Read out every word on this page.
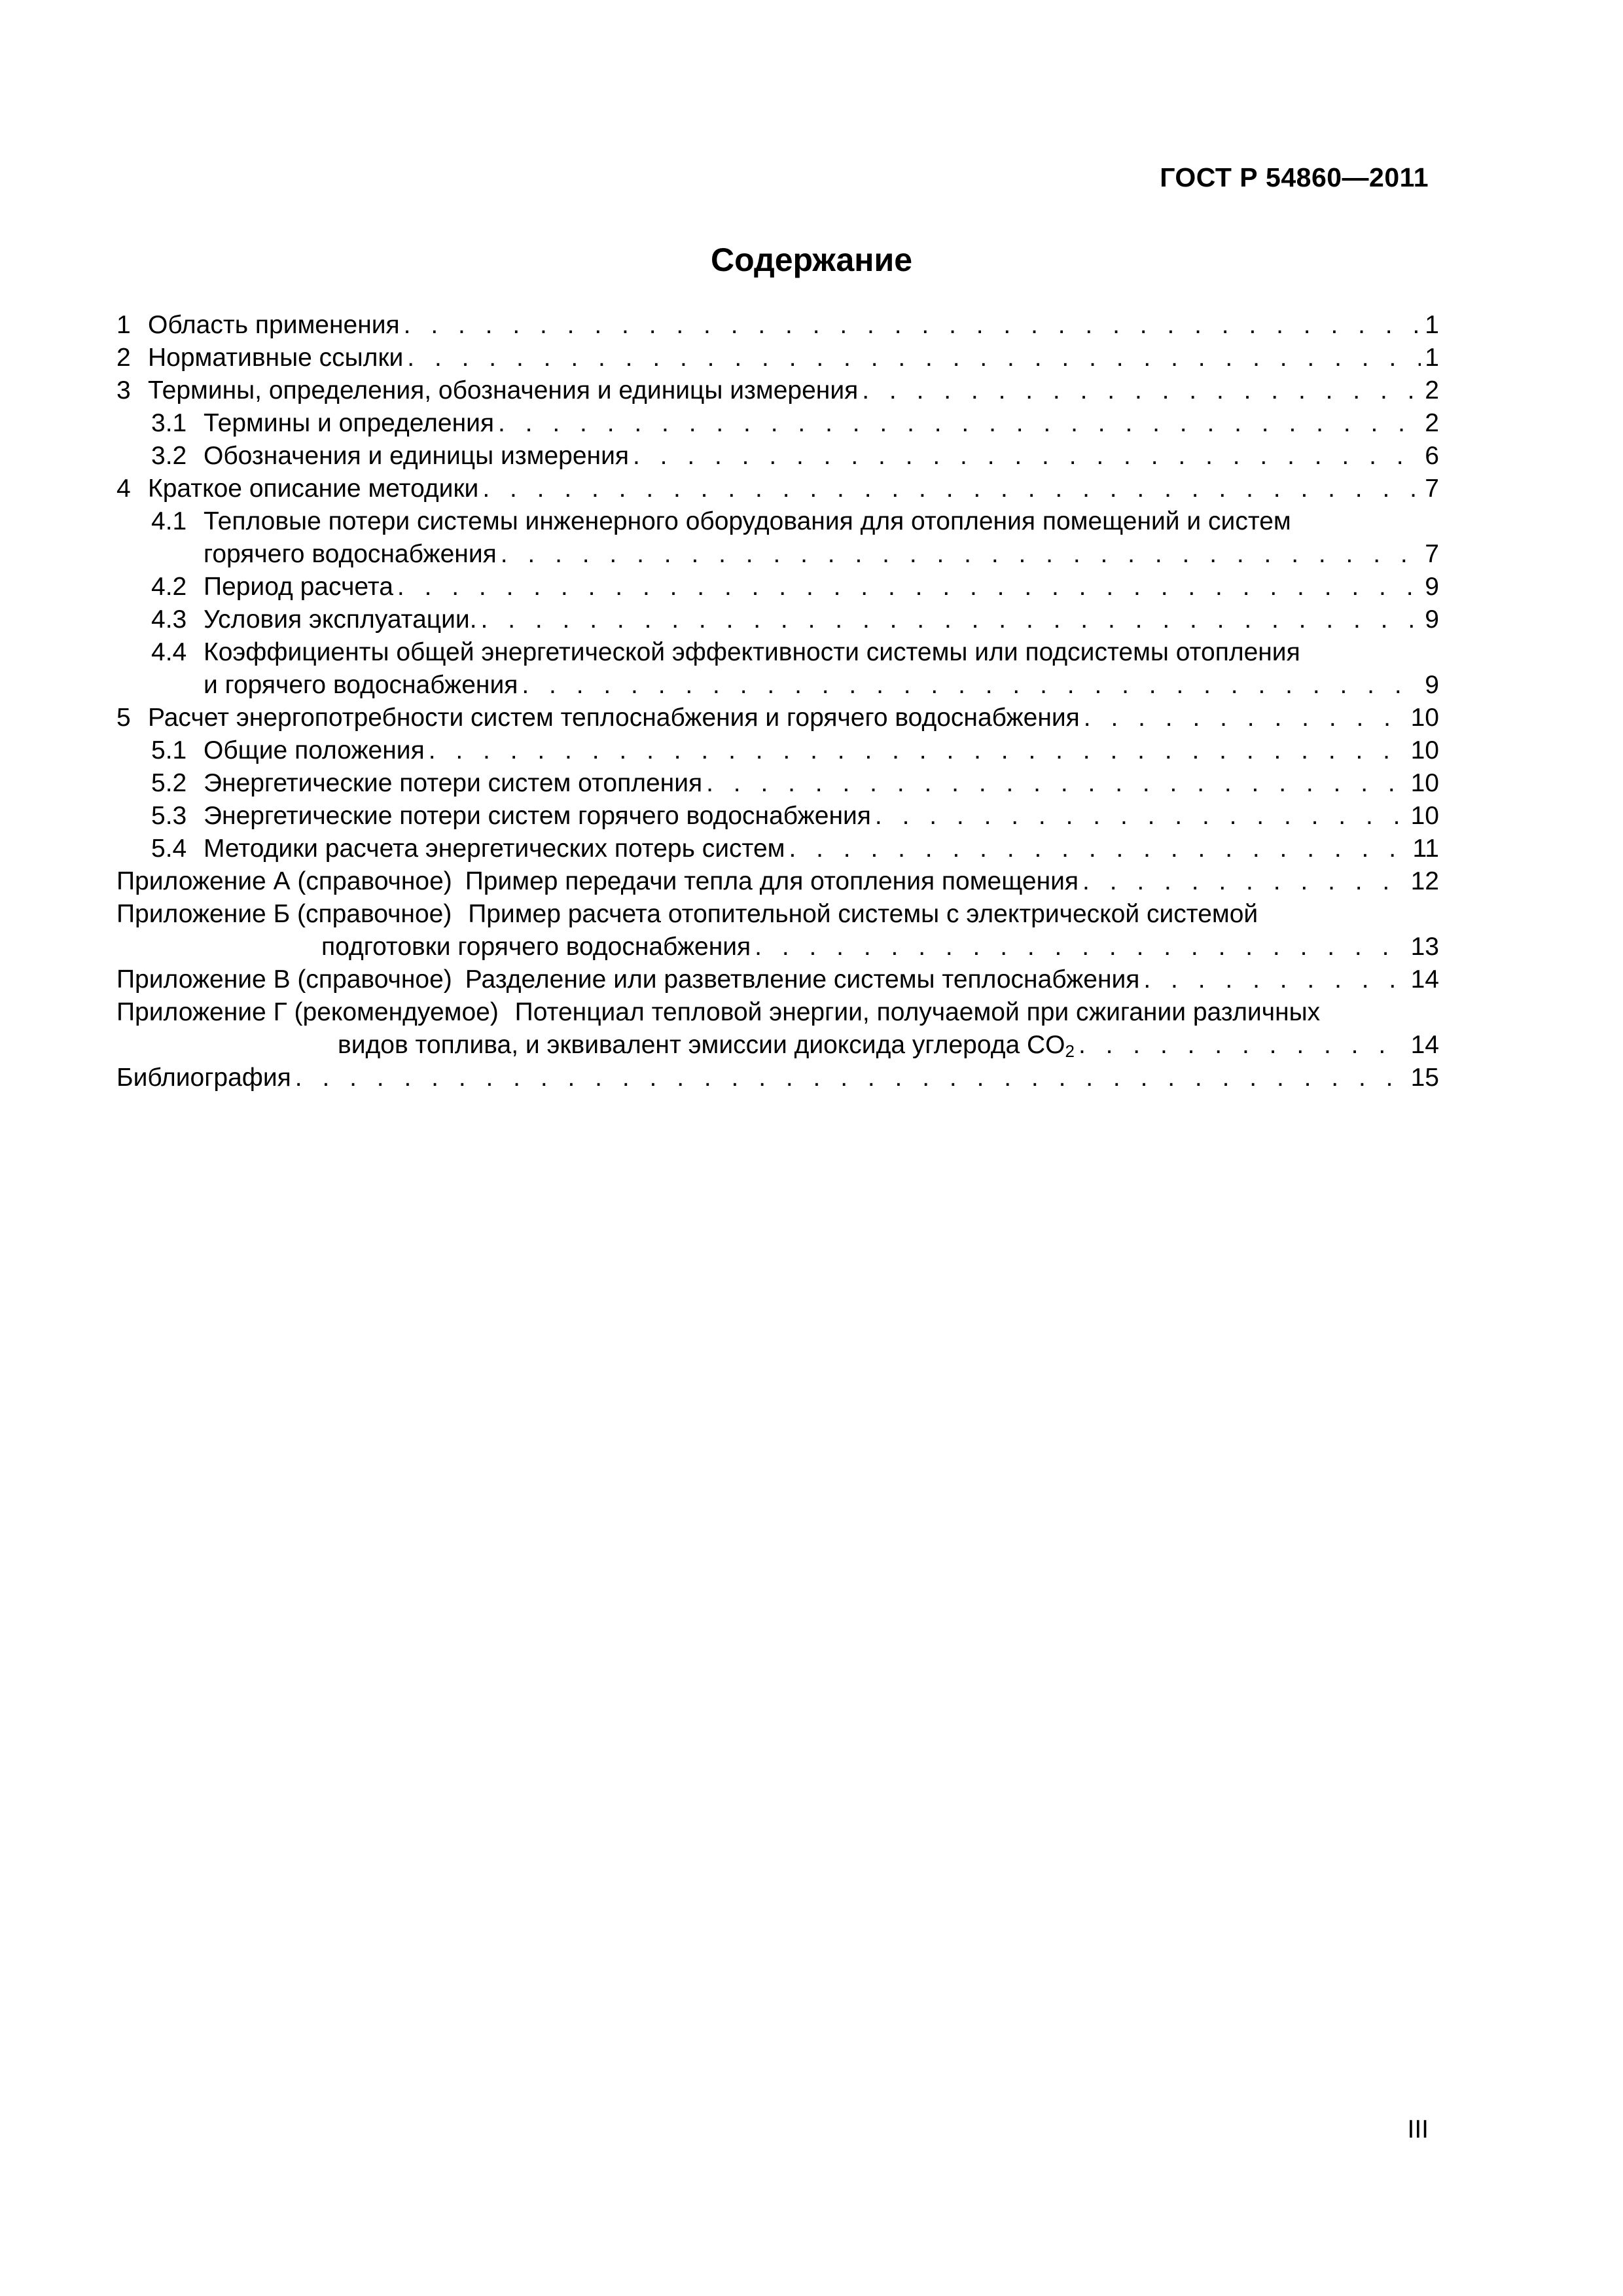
ГОСТ Р 54860—2011
Содержание
1 Область применения . . .	1
2 Нормативные ссылки . . .	1
3 Термины, определения, обозначения и единицы измерения . . .	2
3.1 Термины и определения . . .	2
3.2 Обозначения и единицы измерения . . .	6
4 Краткое описание методики . . .	7
4.1 Тепловые потери системы инженерного оборудования для отопления помещений и систем
горячего водоснабжения . . .	7
4.2 Период расчета . . .	9
4.3 Условия эксплуатации. . . .	9
4.4 Коэффициенты общей энергетической эффективности системы или подсистемы отопления
и горячего водоснабжения . . .	9
5 Расчет энергопотребности систем теплоснабжения и горячего водоснабжения . . .	10
5.1 Общие положения . . .	10
5.2 Энергетические потери систем отопления . . .	10
5.3 Энергетические потери систем горячего водоснабжения . . .	10
5.4 Методики расчета энергетических потерь систем . . .	11
Приложение А (справочное) Пример передачи тепла для отопления помещения . . .	12
Приложение Б (справочное) Пример расчета отопительной системы с электрической системой
подготовки горячего водоснабжения . . .	13
Приложение В (справочное) Разделение или разветвление системы теплоснабжения . . .	14
Приложение Г (рекомендуемое) Потенциал тепловой энергии, получаемой при сжигании различных
видов топлива, и эквивалент эмиссии диоксида углерода $CO_2$ . . .	14
Библиография . . .	15
III
